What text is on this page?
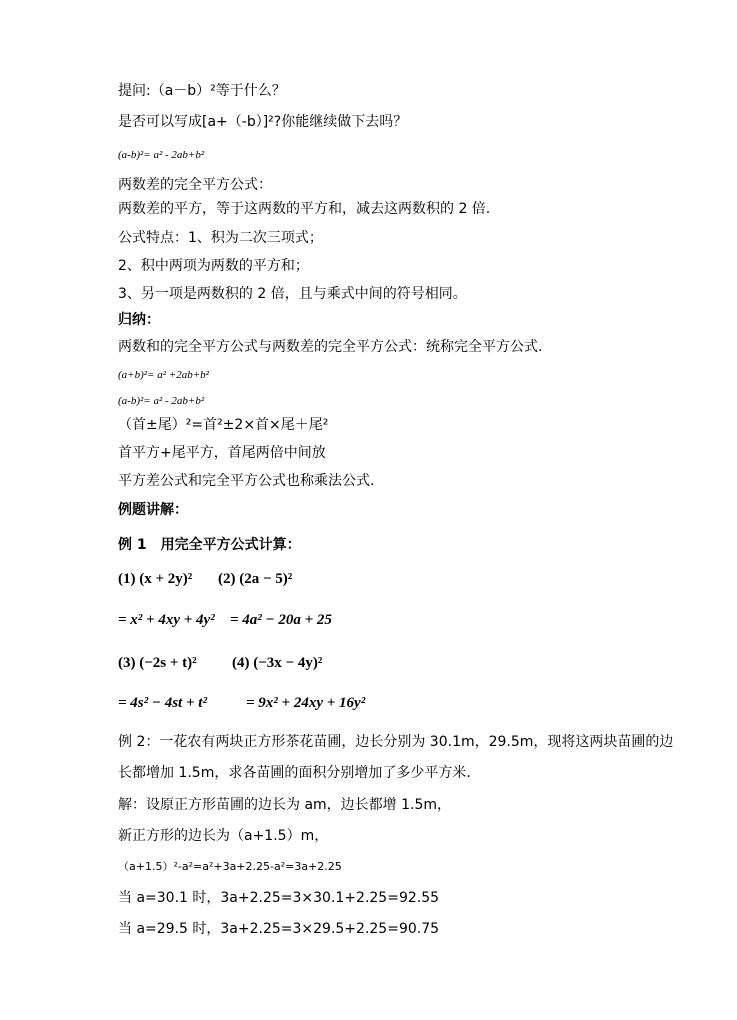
提问:（a－b）²等于什么？
是否可以写成[a+（-b）]²?你能继续做下去吗？
(a-b)²= a² - 2ab+b²
两数差的完全平方公式：
两数差的平方，等于这两数的平方和，减去这两数积的 2 倍.
公式特点：1、积为二次三项式；
2、积中两项为两数的平方和；
3、另一项是两数积的 2 倍，且与乘式中间的符号相同。
归纳：
两数和的完全平方公式与两数差的完全平方公式：统称完全平方公式.
(a+b)²= a² +2ab+b²
(a-b)²= a² - 2ab+b²
（首±尾）²=首²±2×首×尾＋尾²
首平方+尾平方，首尾两倍中间放
平方差公式和完全平方公式也称乘法公式.
例题讲解：
例 1　用完全平方公式计算：
(1) (x + 2y)² (2) (2a − 5)²
= x² + 4xy + 4y² = 4a² − 20a + 25
(3) (−2s + t)² (4) (−3x − 4y)²
= 4s² − 4st + t²	= 9x² + 24xy + 16y²
例 2：一花农有两块正方形茶花苗圃，边长分别为 30.1m，29.5m，现将这两块苗圃的边
长都增加 1.5m，求各苗圃的面积分别增加了多少平方米.
解：设原正方形苗圃的边长为 am，边长都增 1.5m，
新正方形的边长为（a+1.5）m，
（a+1.5）²-a²=a²+3a+2.25-a²=3a+2.25
当 a=30.1 时，3a+2.25=3×30.1+2.25=92.55
当 a=29.5 时，3a+2.25=3×29.5+2.25=90.75
